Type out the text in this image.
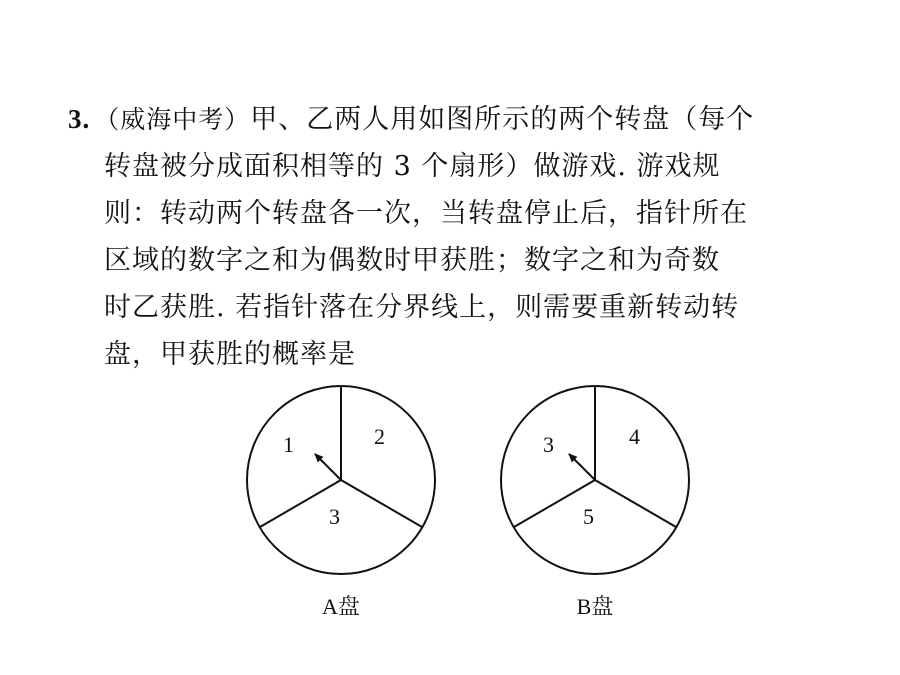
3. （威海中考）甲、乙两人用如图所示的两个转盘（每个
转盘被分成面积相等的 3 个扇形）做游戏. 游戏规
则：转动两个转盘各一次，当转盘停止后，指针所在
区域的数字之和为偶数时甲获胜；数字之和为奇数
时乙获胜. 若指针落在分界线上，则需要重新转动转
盘，甲获胜的概率是
1	2
3
3	4
5
A盘	B盘
